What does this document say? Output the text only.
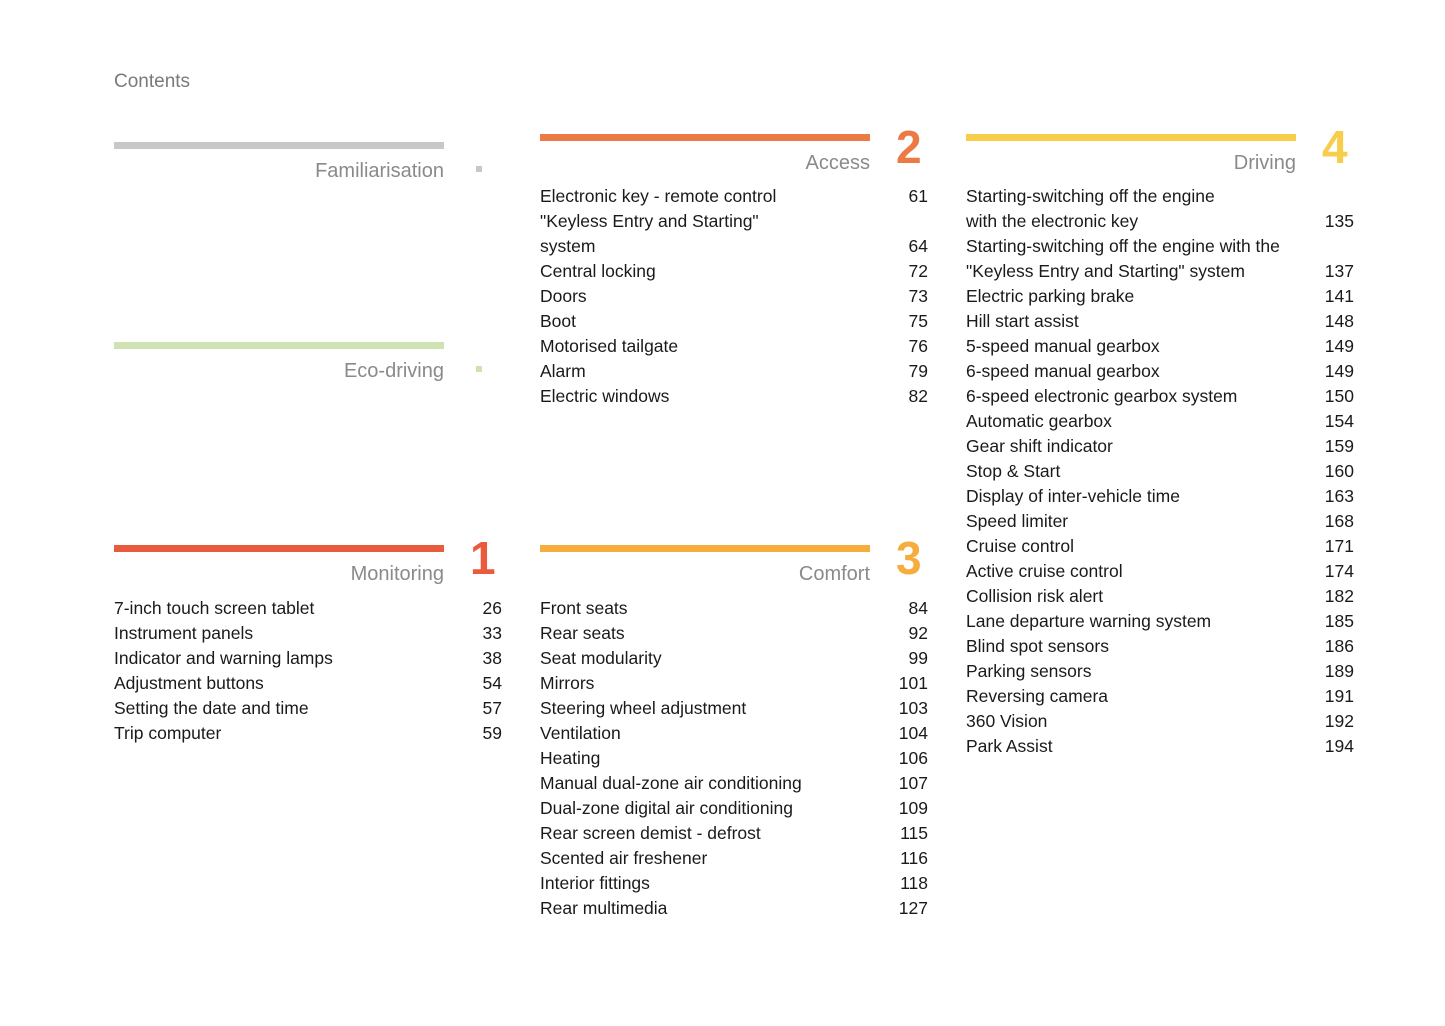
Contents
Familiarisation
Eco-driving
Monitoring 1
7-inch touch screen tablet	26
Instrument panels	33
Indicator and warning lamps	38
Adjustment buttons	54
Setting the date and time	57
Trip computer	59
Access 2
Electronic key - remote control	61
"Keyless Entry and Starting"
system	64
Central locking	72
Doors	73
Boot	75
Motorised tailgate	76
Alarm	79
Electric windows	82
Comfort 3
Front seats	84
Rear seats	92
Seat modularity	99
Mirrors	101
Steering wheel adjustment	103
Ventilation	104
Heating	106
Manual dual-zone air conditioning	107
Dual-zone digital air conditioning	109
Rear screen demist - defrost	115
Scented air freshener	116
Interior fittings	118
Rear multimedia	127
Driving 4
Starting-switching off the engine
with the electronic key	135
Starting-switching off the engine with the
"Keyless Entry and Starting" system	137
Electric parking brake	141
Hill start assist	148
5-speed manual gearbox	149
6-speed manual gearbox	149
6-speed electronic gearbox system	150
Automatic gearbox	154
Gear shift indicator	159
Stop & Start	160
Display of inter-vehicle time	163
Speed limiter	168
Cruise control	171
Active cruise control	174
Collision risk alert	182
Lane departure warning system	185
Blind spot sensors	186
Parking sensors	189
Reversing camera	191
360 Vision	192
Park Assist	194
